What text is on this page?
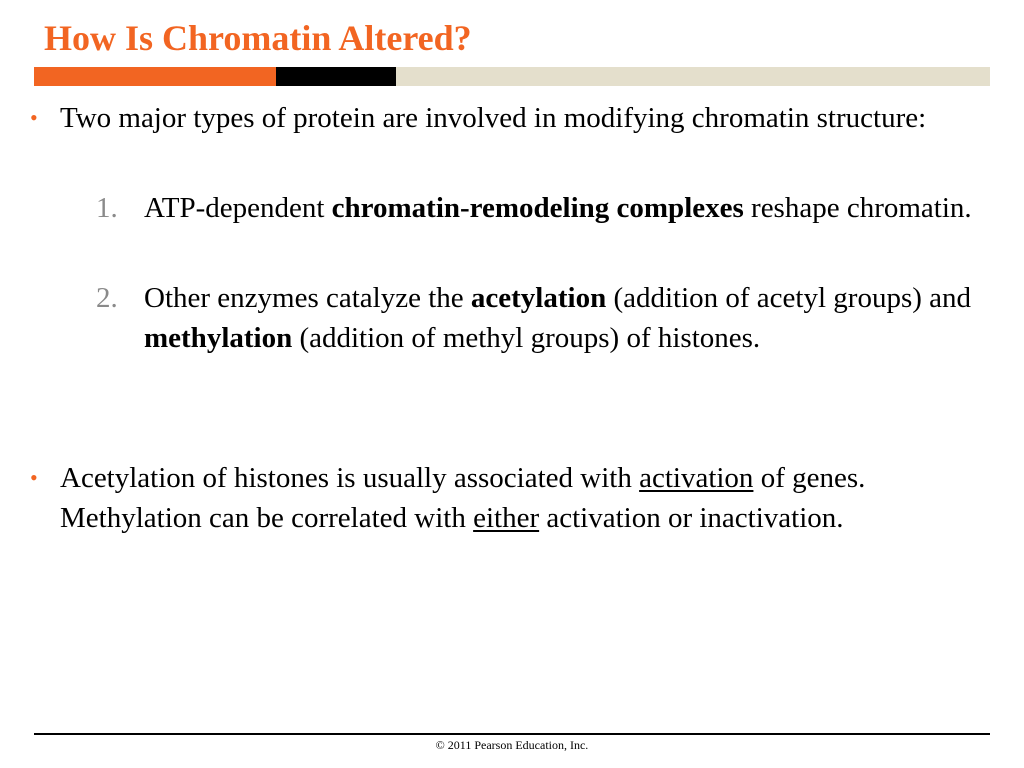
How Is Chromatin Altered?
• Two major types of protein are involved in modifying chromatin structure:
1. ATP-dependent chromatin-remodeling complexes reshape chromatin.
2. Other enzymes catalyze the acetylation (addition of acetyl groups) and methylation (addition of methyl groups) of histones.
• Acetylation of histones is usually associated with activation of genes. Methylation can be correlated with either activation or inactivation.
© 2011 Pearson Education, Inc.
